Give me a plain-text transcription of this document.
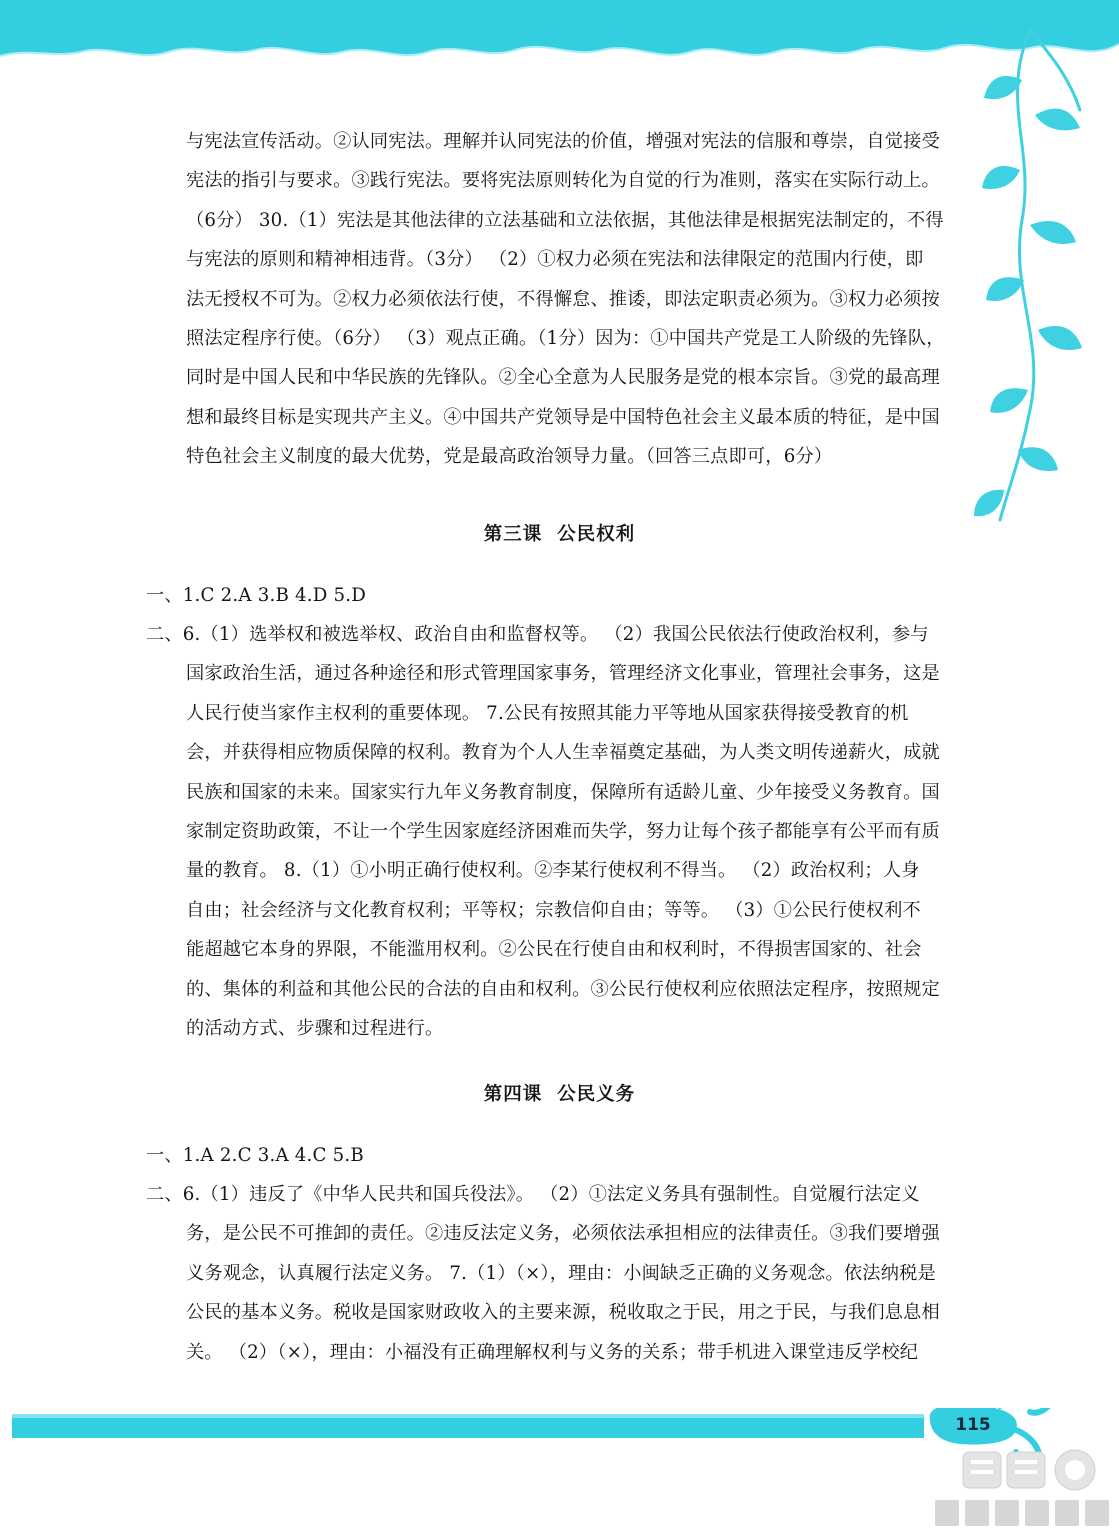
115
与宪法宣传活动。②认同宪法。理解并认同宪法的价值，增强对宪法的信服和尊崇，自觉接受
宪法的指引与要求。③践行宪法。要将宪法原则转化为自觉的行为准则，落实在实际行动上。
（6分） 30.（1）宪法是其他法律的立法基础和立法依据，其他法律是根据宪法制定的，不得
与宪法的原则和精神相违背。（3分） （2）①权力必须在宪法和法律限定的范围内行使，即
法无授权不可为。②权力必须依法行使，不得懈怠、推诿，即法定职责必须为。③权力必须按
照法定程序行使。（6分） （3）观点正确。（1分）因为：①中国共产党是工人阶级的先锋队，
同时是中国人民和中华民族的先锋队。②全心全意为人民服务是党的根本宗旨。③党的最高理
想和最终目标是实现共产主义。④中国共产党领导是中国特色社会主义最本质的特征，是中国
特色社会主义制度的最大优势，党是最高政治领导力量。（回答三点即可，6分）
第三课  公民权利
一、1.C 2.A 3.B 4.D 5.D
二、6.（1）选举权和被选举权、政治自由和监督权等。 （2）我国公民依法行使政治权利，参与
国家政治生活，通过各种途径和形式管理国家事务，管理经济文化事业，管理社会事务，这是
人民行使当家作主权利的重要体现。 7.公民有按照其能力平等地从国家获得接受教育的机
会，并获得相应物质保障的权利。教育为个人人生幸福奠定基础，为人类文明传递薪火，成就
民族和国家的未来。国家实行九年义务教育制度，保障所有适龄儿童、少年接受义务教育。国
家制定资助政策，不让一个学生因家庭经济困难而失学，努力让每个孩子都能享有公平而有质
量的教育。 8.（1）①小明正确行使权利。②李某行使权利不得当。 （2）政治权利；人身
自由；社会经济与文化教育权利；平等权；宗教信仰自由；等等。 （3）①公民行使权利不
能超越它本身的界限，不能滥用权利。②公民在行使自由和权利时，不得损害国家的、社会
的、集体的利益和其他公民的合法的自由和权利。③公民行使权利应依照法定程序，按照规定
的活动方式、步骤和过程进行。
第四课  公民义务
一、1.A 2.C 3.A 4.C 5.B
二、6.（1）违反了《中华人民共和国兵役法》。 （2）①法定义务具有强制性。自觉履行法定义
务，是公民不可推卸的责任。②违反法定义务，必须依法承担相应的法律责任。③我们要增强
义务观念，认真履行法定义务。 7.（1）（×），理由：小闽缺乏正确的义务观念。依法纳税是
公民的基本义务。税收是国家财政收入的主要来源，税收取之于民，用之于民，与我们息息相
关。 （2）（×），理由：小福没有正确理解权利与义务的关系；带手机进入课堂违反学校纪
